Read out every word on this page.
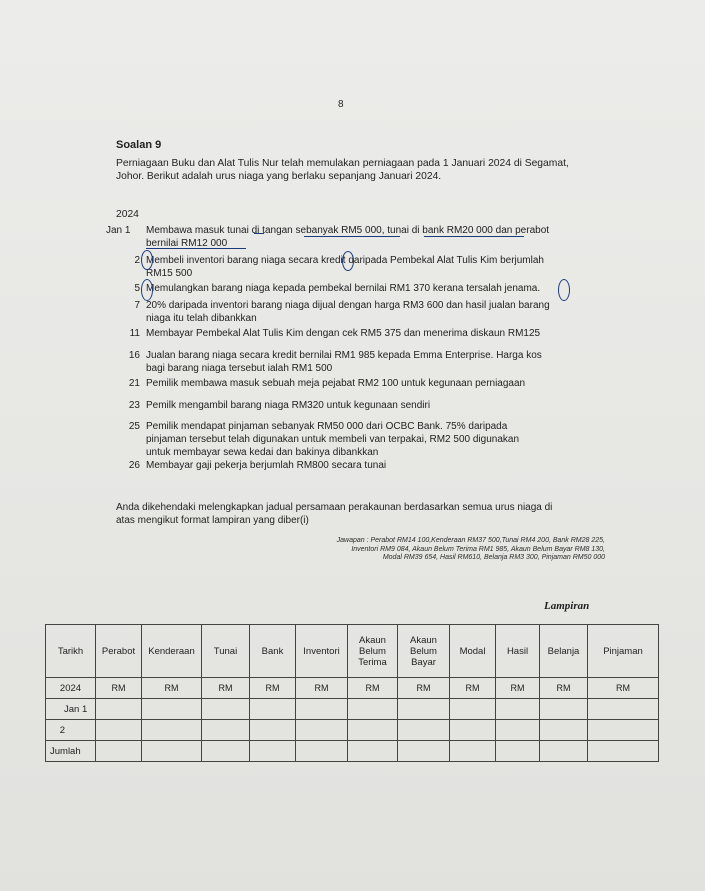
8
Soalan 9
Perniagaan Buku dan Alat Tulis Nur telah memulakan perniagaan pada 1 Januari 2024 di Segamat,
Johor. Berikut adalah urus niaga yang berlaku sepanjang Januari 2024.
2024
Jan 1	Membawa masuk tunai di tangan sebanyak RM5 000, tunai di bank RM20 000 dan perabot
bernilai RM12 000
2 Membeli inventori barang niaga secara kredit daripada Pembekal Alat Tulis Kim berjumlah
RM15 500
5 Memulangkan barang niaga kepada pembekal bernilai RM1 370 kerana tersalah jenama.
7 20% daripada inventori barang niaga dijual dengan harga RM3 600 dan hasil jualan barang
niaga itu telah dibankkan
11 Membayar Pembekal Alat Tulis Kim dengan cek RM5 375 dan menerima diskaun RM125
16 Jualan barang niaga secara kredit bernilai RM1 985 kepada Emma Enterprise. Harga kos
bagi barang niaga tersebut ialah RM1 500
21 Pemilik membawa masuk sebuah meja pejabat RM2 100 untuk kegunaan perniagaan
23 Pemilk mengambil barang niaga RM320 untuk kegunaan sendiri
25 Pemilik mendapat pinjaman sebanyak RM50 000 dari OCBC Bank. 75% daripada
pinjaman tersebut telah digunakan untuk membeli van terpakai, RM2 500 digunakan
untuk membayar sewa kedai dan bakinya dibankkan
26 Membayar gaji pekerja berjumlah RM800 secara tunai
Anda dikehendaki melengkapkan jadual persamaan perakaunan berdasarkan semua urus niaga di
atas mengikut format lampiran yang diber(i)
Jawapan : Perabot RM14 100,Kenderaan RM37 500,Tunai RM4 200, Bank RM28 225,
Inventori RM9 084, Akaun Belum Terima RM1 985, Akaun Belum Bayar RM8 130,
Modal RM39 654, Hasil RM610, Belanja RM3 300, Pinjaman RM50 000
Lampiran
Tarikh	Perabot	Kenderaan	Tunai	Bank	Inventori	Akaun Belum Terima	Akaun Belum Bayar	Modal	Hasil	Belanja	Pinjaman
2024	RM	RM	RM	RM	RM	RM	RM	RM	RM	RM	RM
Jan 1											
2											
Jumlah											
